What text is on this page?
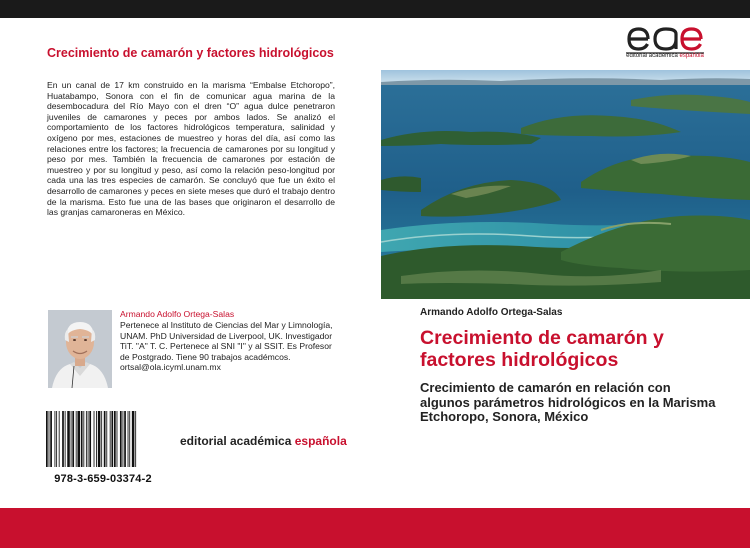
Crecimiento de camarón y factores hidrológicos
En un canal de 17 km construido en la marisma “Embalse Etchoropo”, Huatabampo, Sonora con el fin de comunicar agua marina de la desembocadura del Río Mayo con el dren “O” agua dulce penetraron juveniles de camarones y peces por ambos lados. Se analizó el comportamiento de los factores hidrológicos temperatura, salinidad y oxígeno por mes, estaciones de muestreo y horas del día, así como las relaciones entre los factores; la frecuencia de camarones por su longitud y peso por mes. También la frecuencia de camarones por estación de muestreo y por su longitud y peso, así como la relación peso-longitud por cada una las tres especies de camarón. Se concluyó que fue un éxito el desarrollo de camarones y peces en siete meses que duró el trabajo dentro de la marisma. Esto fue una de las bases que originaron el desarrollo de las granjas camaroneras en México.
Armando Adolfo Ortega-Salas
Pertenece al Instituto de Ciencias del Mar y Limnología, UNAM. PhD Universidad de Liverpool, UK. Investigador TiT. "A" T. C. Pertenece al SNI "I" y al SSIT. Es Profesor de Postgrado. Tiene 90 trabajos académcos. ortsal@ola.icyml.unam.mx
978-3-659-03374-2
editorial académica española
editorial académica española
Armando Adolfo Ortega-Salas
Crecimiento de camarón y factores hidrológicos
Crecimiento de camarón en relación con algunos parámetros hidrológicos en la Marisma Etchoropo, Sonora, México
